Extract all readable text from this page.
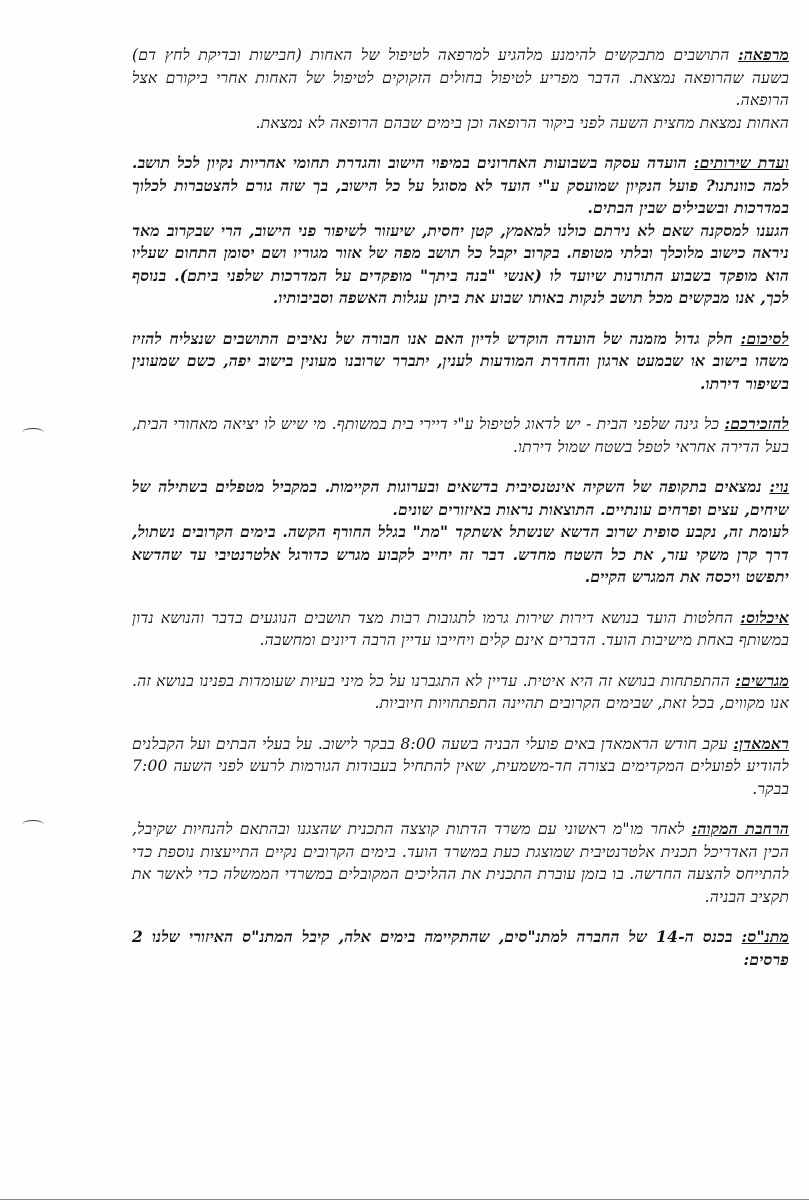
מרפאה: התושבים מתבקשים להימנע מלהגיע למרפאה לטיפול של האחות (חבישות ובדיקת לחץ דם) בשעה שהרופאה נמצאת. הדבר מפריע לטיפול בחולים הזקוקים לטיפול של האחות אחרי ביקורם אצל הרופאה.

האחות נמצאת מחצית השעה לפני ביקור הרופאה וכן בימים שבהם הרופאה לא נמצאת.

ועדת שירותים: הועדה עסקה בשבועות האחרונים במיפוי הישוב והגדרת תחומי אחריות נקיון לכל תושב. למה כוונתנו? פועל הנקיון שמועסק ע"י הועד לא מסוגל על כל הישוב, בך שזה גורם להצטברות לכלוך במדרכות ובשבילים שבין הבתים.

הגענו למסקנה שאם לא נירתם כולנו למאמץ, קטן יחסית, שיעזור לשיפור פני הישוב, הרי שבקרוב מאד ניראה כישוב מלוכלך ובלתי מטופח. בקרוב יקבל כל תושב מפה של אזור מגוריו ושם יסומן התחום שעליו הוא מופקד בשבוע התורנות שיועד לו (אנשי "בנה ביתך" מופקדים על המדרכות שלפני ביתם). בנוסף לכך, אנו מבקשים מכל תושב לנקות באותו שבוע את ביתן עגלות האשפה וסביבותיו.

לסיכום: חלק גדול מזמנה של הועדה הוקדש לדיון האם אנו חבורה של נאיבים התושבים שנצליח להזיז משהו בישוב או שבמעט ארגון והחדרת המודעות לענין, יתברר שרובנו מעונין בישוב יפה, כשם שמעונין בשיפור דירתו.

להזכירכם: כל גינה שלפני הבית - יש לדאוג לטיפול ע"י דיירי בית במשותף. מי שיש לו יציאה מאחורי הבית, בעל הדירה אחראי לטפל בשטח שמול דירתו.

נוי: נמצאים בתקופה של השקיה אינטנסיבית בדשאים ובערוגות הקיימות. במקביל מטפלים בשתילה של שיחים, עצים ופרחים עונתיים. התוצאות נראות באיזורים שונים.

לעומת זה, נקבע סופית שרוב הדשא שנשתל אשתקד "מת" בגלל החורף הקשה. בימים הקרובים נשתול, דרך קרן משקי עזר, את כל השטח מחדש. דבר זה יחייב לקבוע מגרש כדורגל אלטרנטיבי עד שהדשא יתפשט ויכסה את המגרש הקיים.

איכלוס: החלטות הועד בנושא דירות שירות גרמו לתגובות רבות מצד תושבים הנוגעים בדבר והנושא נדון במשותף באחת מישיבות הועד. הדברים אינם קלים ויחייבו עדיין הרבה דיונים ומחשבה.

מגרשים: ההתפתחות בנושא זה היא איטית. עדיין לא התגברנו על כל מיני בעיות שעומדות בפנינו בנושא זה. אנו מקווים, בכל זאת, שבימים הקרובים תהיינה התפתחויות חיוביות.

ראמאדן: עקב חודש הראמאדן באים פועלי הבניה בשעה 8:00 בבקר לישוב. על בעלי הבתים ועל הקבלנים להודיע לפועלים המקדימים בצורה חד-משמעית, שאין להתחיל בעבודות הגורמות לרעש לפני השעה 7:00 בבקר.

הרחבת המקוה: לאחר מו"מ ראשוני עם משרד הדתות קוצצה התכנית שהצגנו ובהתאם להנחיות שקיבל, הכין האדריכל תכנית אלטרנטיבית שמוצגת כעת במשרד הועד. בימים הקרובים נקיים התייעצות נוספת כדי להתייחס להצעה החדשה. בו בזמן עוברת התכנית את ההליכים המקובלים במשרדי הממשלה כדי לאשר את תקציב הבניה.

מתנ"ס: בכנס ה-14 של החברה למתנ"סים, שהתקיימה בימים אלה, קיבל המתנ"ס האיזורי שלנו 2 פרסים:
